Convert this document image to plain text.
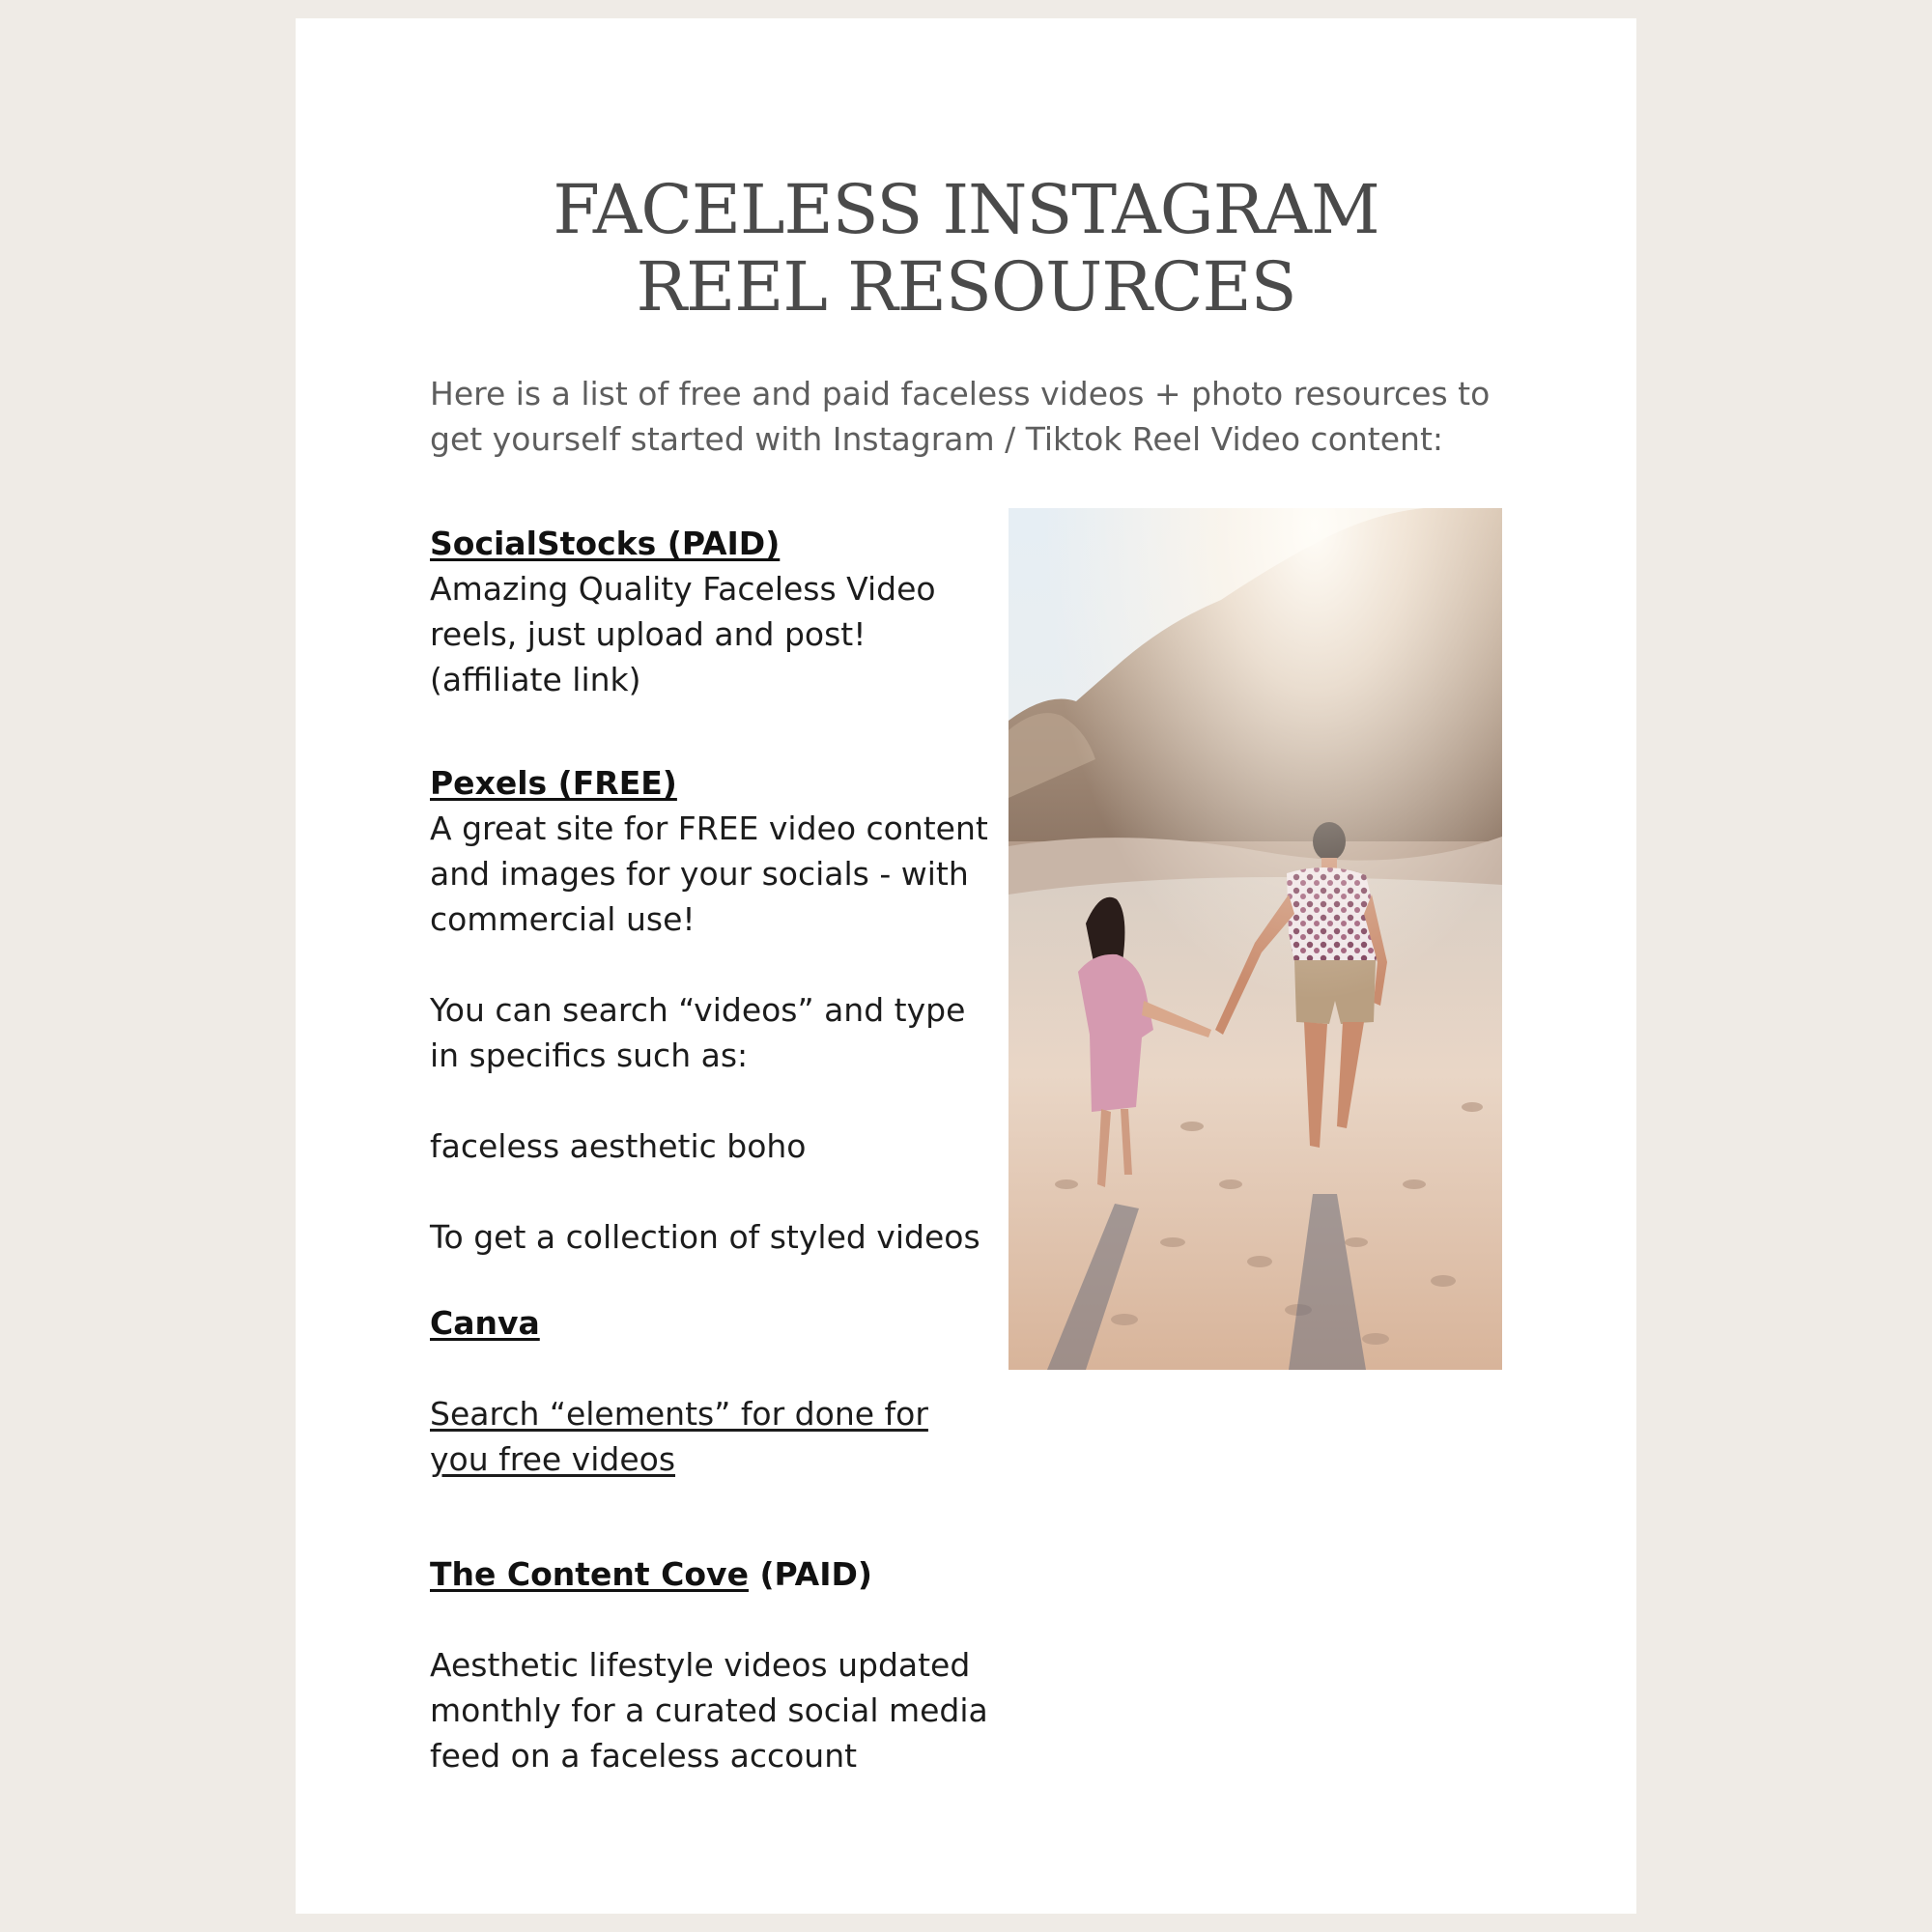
FACELESS INSTAGRAM
REEL RESOURCES

Here is a list of free and paid faceless videos + photo resources to get yourself started with Instagram / Tiktok Reel Video content:

SocialStocks (PAID)

Amazing Quality Faceless Video

reels, just upload and post!

(affiliate link)

Pexels (FREE)

A great site for FREE video content

and images for your socials - with

commercial use!

You can search “videos” and type

in specifics such as:

faceless aesthetic boho

To get a collection of styled videos

Canva

Search “elements” for done for

you free videos

The Content Cove (PAID)

Aesthetic lifestyle videos updated

monthly for a curated social media

feed on a faceless account
